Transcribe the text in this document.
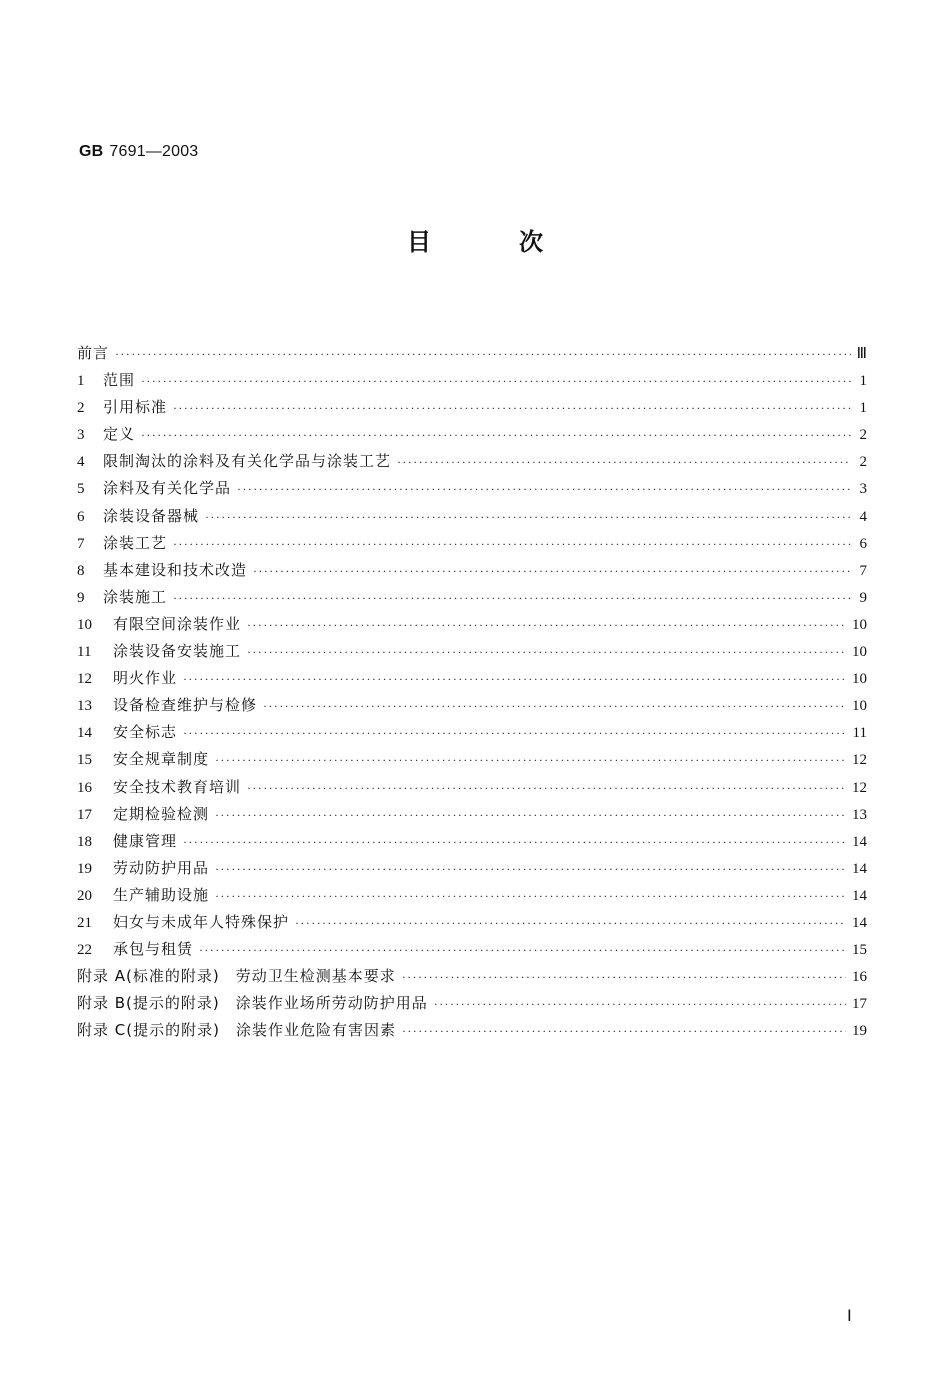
GB 7691—2003
目次
前言 ·····	Ⅲ
1	范围 ·····	1
2	引用标准 ·····	1
3	定义 ·····	2
4	限制淘汰的涂料及有关化学品与涂装工艺 ·····	2
5	涂料及有关化学品 ·····	3
6	涂装设备器械 ·····	4
7	涂装工艺 ·····	6
8	基本建设和技术改造 ·····	7
9	涂装施工 ·····	9
10	有限空间涂装作业 ·····	10
11	涂装设备安装施工 ·····	10
12	明火作业 ·····	10
13	设备检查维护与检修 ·····	10
14	安全标志 ·····	11
15	安全规章制度 ·····	12
16	安全技术教育培训 ·····	12
17	定期检验检测 ·····	13
18	健康管理 ·····	14
19	劳动防护用品 ·····	14
20	生产辅助设施 ·····	14
21	妇女与未成年人特殊保护 ·····	14
22	承包与租赁 ·····	15
附录 A(标准的附录)　劳动卫生检测基本要求 ·····	16
附录 B(提示的附录)　涂装作业场所劳动防护用品 ·····	17
附录 C(提示的附录)　涂装作业危险有害因素 ·····	19
Ⅰ
